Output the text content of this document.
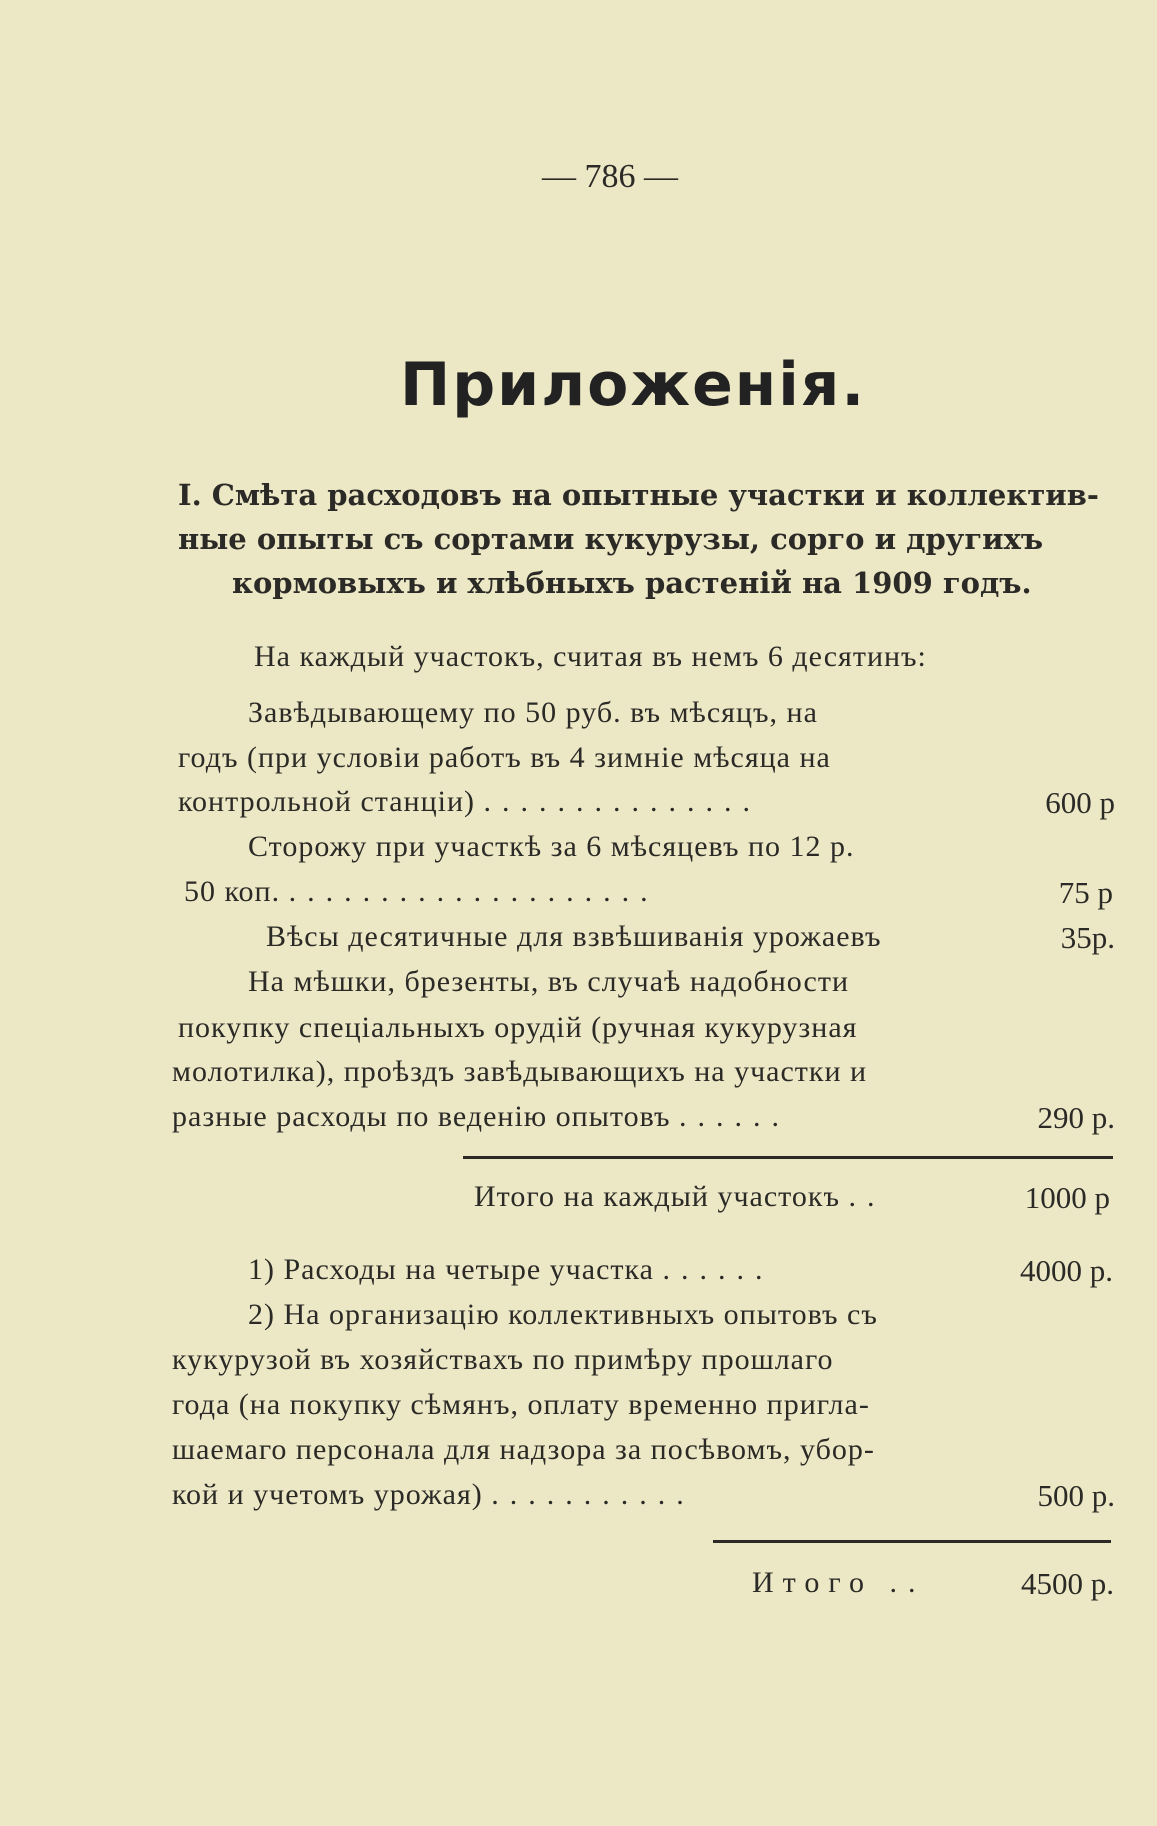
— 786 —
Приложенія.
I. Смѣта расходовъ на опытные участки и коллектив-
ные опыты съ сортами кукурузы, сорго и другихъ
кормовыхъ и хлѣбныхъ растеній на 1909 годъ.
На каждый участокъ, считая въ немъ 6 десятинъ:
Завѣдывающему по 50 руб. въ мѣсяцъ, на
годъ (при условіи работъ въ 4 зимніе мѣсяца на
контрольной станціи) ...............	600 р
Сторожу при участкѣ за 6 мѣсяцевъ по 12 р.
50 коп. ....................	75 р
Вѣсы десятичные для взвѣшиванія урожаевъ	35р.
На мѣшки, брезенты, въ случаѣ надобности
покупку спеціальныхъ орудій (ручная кукурузная
молотилка), проѣздъ завѣдывающихъ на участки и
разные расходы по веденію опытовъ ......	290 р.
Итого на каждый участокъ ..	1000 р
1) Расходы на четыре участка ......	4000 р.
2) На организацію коллективныхъ опытовъ съ
кукурузой въ хозяйствахъ по примѣру прошлаго
года (на покупку сѣмянъ, оплату временно пригла-
шаемаго персонала для надзора за посѣвомъ, убор-
кой и учетомъ урожая) ...........	500 р.
Итого ..	4500 р.
